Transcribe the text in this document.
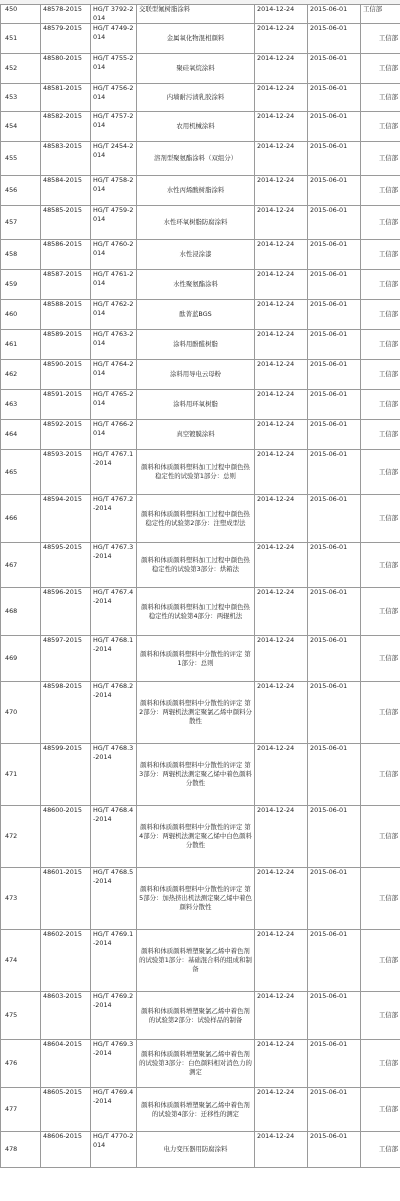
450	48578-2015	HG/T 3792-2014	交联型氟树脂涂料	2014-12-24	2015-06-01	工信部
451	48579-2015	HG/T 4749-2014	金属氧化物混相颜料	2014-12-24	2015-06-01	工信部
452	48580-2015	HG/T 4755-2014	聚硅氧烷涂料	2014-12-24	2015-06-01	工信部
453	48581-2015	HG/T 4756-2014	内墙耐污渍乳胶涂料	2014-12-24	2015-06-01	工信部
454	48582-2015	HG/T 4757-2014	农用机械涂料	2014-12-24	2015-06-01	工信部
455	48583-2015	HG/T 2454-2014	溶剂型聚氨酯涂料（双组分）	2014-12-24	2015-06-01	工信部
456	48584-2015	HG/T 4758-2014	水性丙烯酸树脂涂料	2014-12-24	2015-06-01	工信部
457	48585-2015	HG/T 4759-2014	水性环氧树脂防腐涂料	2014-12-24	2015-06-01	工信部
458	48586-2015	HG/T 4760-2014	水性浸涂漆	2014-12-24	2015-06-01	工信部
459	48587-2015	HG/T 4761-2014	水性聚氨酯涂料	2014-12-24	2015-06-01	工信部
460	48588-2015	HG/T 4762-2014	酞菁蓝BGS	2014-12-24	2015-06-01	工信部
461	48589-2015	HG/T 4763-2014	涂料用酚醛树脂	2014-12-24	2015-06-01	工信部
462	48590-2015	HG/T 4764-2014	涂料用导电云母粉	2014-12-24	2015-06-01	工信部
463	48591-2015	HG/T 4765-2014	涂料用环氧树脂	2014-12-24	2015-06-01	工信部
464	48592-2015	HG/T 4766-2014	真空镀膜涂料	2014-12-24	2015-06-01	工信部
465	48593-2015	HG/T 4767.1-2014	颜料和体质颜料塑料加工过程中颜色热稳定性的试验第1部分：总则	2014-12-24	2015-06-01	工信部
466	48594-2015	HG/T 4767.2-2014	颜料和体质颜料塑料加工过程中颜色热稳定性的试验第2部分：注塑成型法	2014-12-24	2015-06-01	工信部
467	48595-2015	HG/T 4767.3-2014	颜料和体质颜料塑料加工过程中颜色热稳定性的试验第3部分：烘箱法	2014-12-24	2015-06-01	工信部
468	48596-2015	HG/T 4767.4-2014	颜料和体质颜料塑料加工过程中颜色热稳定性的试验第4部分：两辊机法	2014-12-24	2015-06-01	工信部
469	48597-2015	HG/T 4768.1-2014	颜料和体质颜料塑料中分散性的评定 第1部分：总则	2014-12-24	2015-06-01	工信部
470	48598-2015	HG/T 4768.2-2014	颜料和体质颜料塑料中分散性的评定 第2部分：两辊机法测定聚氯乙烯中颜料分散性	2014-12-24	2015-06-01	工信部
471	48599-2015	HG/T 4768.3-2014	颜料和体质颜料塑料中分散性的评定 第3部分：两辊机法测定聚乙烯中着色颜料分散性	2014-12-24	2015-06-01	工信部
472	48600-2015	HG/T 4768.4-2014	颜料和体质颜料塑料中分散性的评定 第4部分：两辊机法测定聚乙烯中白色颜料分散性	2014-12-24	2015-06-01	工信部
473	48601-2015	HG/T 4768.5-2014	颜料和体质颜料塑料中分散性的评定 第5部分：加热挤出机法测定聚乙烯中着色颜料分散性	2014-12-24	2015-06-01	工信部
474	48602-2015	HG/T 4769.1-2014	颜料和体质颜料增塑聚氯乙烯中着色剂的试验第1部分：基础混合料的组成和制备	2014-12-24	2015-06-01	工信部
475	48603-2015	HG/T 4769.2-2014	颜料和体质颜料增塑聚氯乙烯中着色剂的试验第2部分：试验样品的制备	2014-12-24	2015-06-01	工信部
476	48604-2015	HG/T 4769.3-2014	颜料和体质颜料增塑聚氯乙烯中着色剂的试验第3部分：白色颜料相对消色力的测定	2014-12-24	2015-06-01	工信部
477	48605-2015	HG/T 4769.4-2014	颜料和体质颜料增塑聚氯乙烯中着色剂的试验第4部分：迁移性的测定	2014-12-24	2015-06-01	工信部
478	48606-2015	HG/T 4770-2014	电力变压器用防腐涂料	2014-12-24	2015-06-01	工信部
